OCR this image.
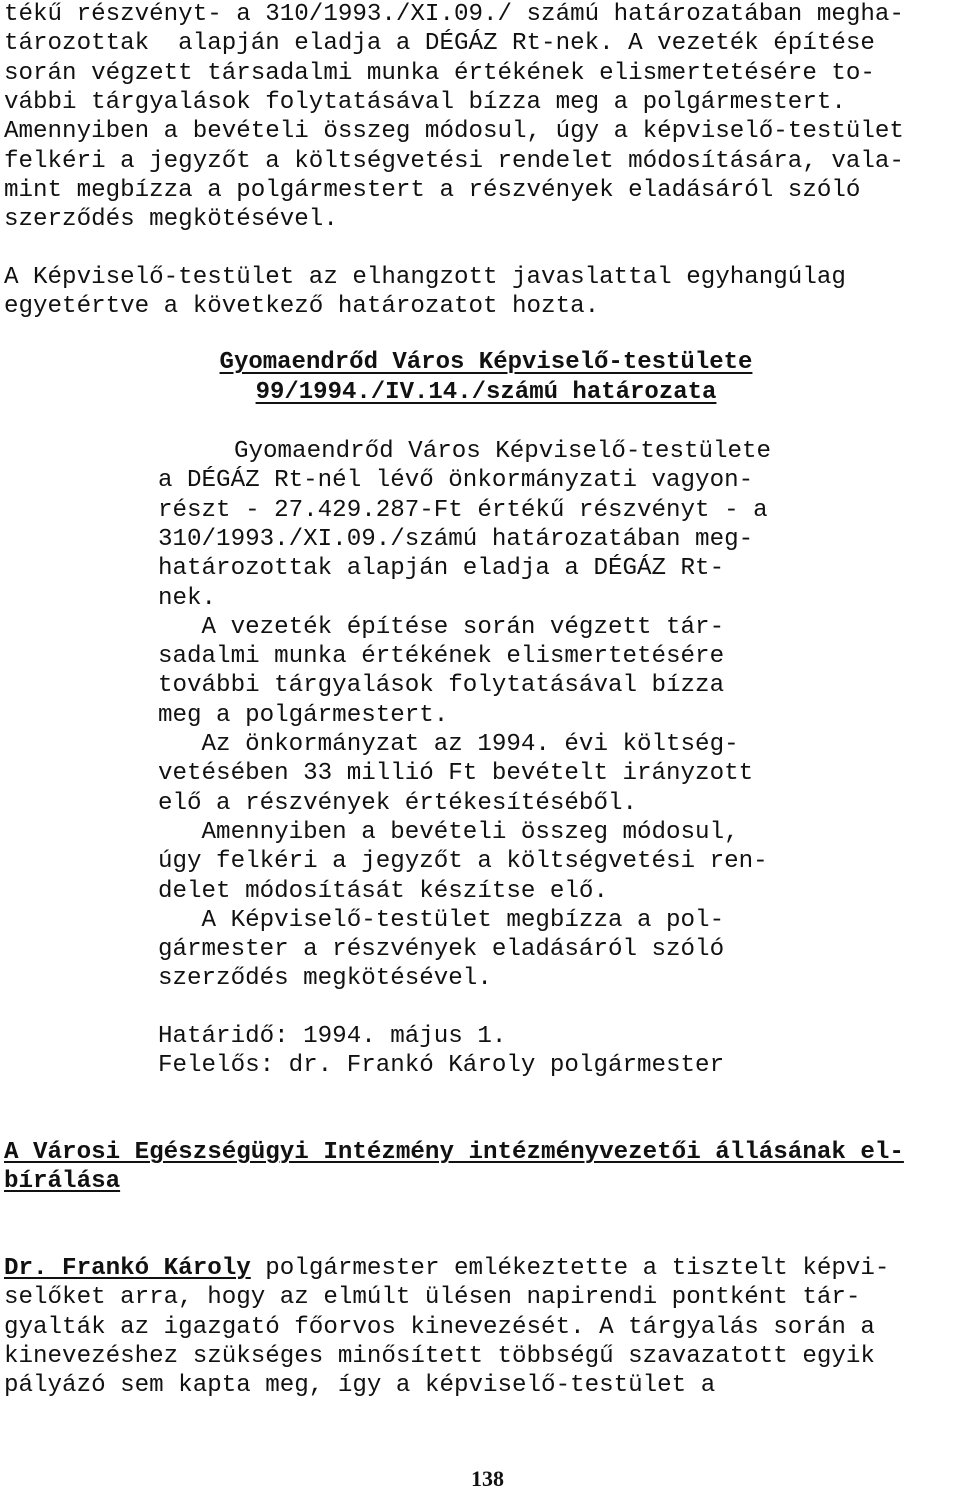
tékű részvényt- a 310/1993./XI.09./ számú határozatában megha-

tározottak  alapján eladja a DÉGÁZ Rt-nek. A vezeték építése

során végzett társadalmi munka értékének elismertetésére to-

vábbi tárgyalások folytatásával bízza meg a polgármestert.

Amennyiben a bevételi összeg módosul, úgy a képviselő-testület

felkéri a jegyzőt a költségvetési rendelet módosítására, vala-

mint megbízza a polgármestert a részvények eladásáról szóló

szerződés megkötésével.

A Képviselő-testület az elhangzott javaslattal egyhangúlag

egyetértve a következő határozatot hozta.

Gyomaendrőd Város Képviselő-testülete
99/1994./IV.14./számú határozata

Gyomaendrőd Város Képviselő-testülete

a DÉGÁZ Rt-nél lévő önkormányzati vagyon-

részt - 27.429.287-Ft értékű részvényt - a

310/1993./XI.09./számú határozatában meg-

határozottak alapján eladja a DÉGÁZ Rt-

nek.

A vezeték építése során végzett tár-

sadalmi munka értékének elismertetésére

további tárgyalások folytatásával bízza

meg a polgármestert.

Az önkormányzat az 1994. évi költség-

vetésében 33 millió Ft bevételt irányzott

elő a részvények értékesítéséből.

Amennyiben a bevételi összeg módosul,

úgy felkéri a jegyzőt a költségvetési ren-

delet módosítását készítse elő.

A Képviselő-testület megbízza a pol-

gármester a részvények eladásáról szóló

szerződés megkötésével.

Határidő: 1994. május 1.

Felelős: dr. Frankó Károly polgármester

A Városi Egészségügyi Intézmény intézményvezetői állásának el-

bírálása

Dr. Frankó Károly polgármester emlékeztette a tisztelt képvi-

selőket arra, hogy az elmúlt ülésen napirendi pontként tár-

gyalták az igazgató főorvos kinevezését. A tárgyalás során a

kinevezéshez szükséges minősített többségű szavazatott egyik

pályázó sem kapta meg, így a képviselő-testület a

138
